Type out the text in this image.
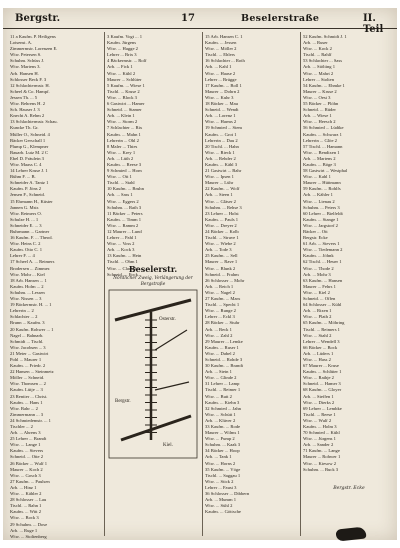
Bergstr.	17	Beselerstraße	II. Teil
11 a Kaufm. P. Heiligens
Lotsenst. A.
Zimmermstr. Lorenzen E.
Wtw. Petersen S.
Schuhm. Schüss J.
Wtw. Martens 3.
Arb. Hansen H.
Schlosser Beck F. 3
12 Schlachtermstr. H.
Scheel & Co. Hampf.
Jessen Th. ... 5
Wtw. Behrens H. 2
Sch. Hauser J. 3
Knecht A. Rehm 2
13 Schlachtermstr. Schau.
Kuncke Th. Gr.
Müller O., Schneid. 4
Bäcker Gerschall 1
Plump G., Klempner
Bauarb. Lutz M. 2 C
Ebel D. Fräulein 3
Wtw. Maass C. 4
14 Lehrer Kruse J. 1
Bühm F. ... B.
Schneider A. Tantz 1
Kaufm. P. Jöns 2
Jensen F., Schneid.
15 Ehrmann H., Küster
Jannen G. Mstr.
Wtw. Reimers O.
Schulze H. ... 1
Schneider E. ... 3
Buhrmann ... Gartner
16 Kaufm. F. ... Theod.
Wtw. Heins C. 2
Kaufm. Otto C. 1
Lehrer F. ... 4
17 Scheel A. ... Reimers
Brodersen ... Zimmer.
Wtw. Mohr ... Kiel
18 Arb. Hansen ... 1
Kaufm. Holm ... 2
Schuhm. ... Lessen
Wtw. Nissen ... 3
19 Bäckermstr. H. ... 1
Lehrerin ... 2
Schlachter ... 2
Brunn ... Kaufm. 3
20 Kaufm. Rohwer ... 1
Nagel ... Bahnarb.
Schmidt ... Tischl.
Wtw. Jacobsen ... 3
21 Meier ... Gastwirt
Pohl ... Maurer 1
Kaufm. ... Friedr. 2
22 Hansen ... Steinmetz
Möller ... Schneid.
Wtw. Thomsen ... 2
Kaufm. Lütje ... 3
23 Rentier ... Christ.
Kaufm. ... Hans 1
Wtw. Bahr ... 2
Zimmermann ... 3
24 Schmiedemstr. ... 1
Tischler ... 2
Arb. ... Ahrens 3
25 Lehrer ... Brandt
Wtw. ... Lange 1
Kaufm. ... Sievers
Schneid. ... Otte 2
26 Bäcker ... Wulf 1
Maurer ... Koch 2
Wtw. ... Gosch 3
27 Kaufm. ... Paulsen
Arb. ... Hinz 1
Wtw. ... Kähler 2
28 Schlosser ... Lau
Tischl. ... Rahn 1
Kaufm. ... Witt 2
Wtw. ... Bock 3
29 Schuhm. ... Dose
Arb. ... Ruge 1
Wtw. ... Stoltenberg
3 Kaufm. Vogt ... 1
Kaufm. Jürgens
Wtw. ... Hagge 2
Lehrer ... Brix 3
4 Bäckermstr. ... Rolf
Arb. ... Fick 1
Wtw. ... Kühl 2
Maurer ... Schlüter
5 Kaufm. ... Wiese 1
Tischl. ... Kruse 2
Wtw. ... Block 3
6 Gastwirt ... Hamer
Schneid. ... Stamer
Arb. ... Klein 1
Wtw. ... Storm 2
7 Schlachter ... Rix
Kaufm. ... Mahn 1
Lehrerin ... Ohl 2
8 Maler ... Thies
Wtw. ... Krey 1
Arb. ... Lüth 2
Kaufm. ... Reese 3
9 Schmied ... Horn
Wtw. ... Ott 1
Tischl. ... Stahl
10 Kaufm. ... Bruhn
Arb. ... Sass 1
Wtw. ... Eggers 2
Schuhm. ... Rath 3
11 Bäcker ... Peters
Kaufm. ... Timm 1
Wtw. ... Ramm 2
12 Maurer ... Lund
Lehrer ... Pahl 1
Wtw. ... Voss 2
Arb. ... Kock 3
13 Kaufm. ... Hein
Tischl. ... Ohm 1
Wtw. ... Claus 2
Schneid. ... Fock
15 Arb. Hansen C. 1
Kaufm. ... Jessen
Wtw. ... Möller 2
Tischl. ... Ehlers
16 Schlachter ... Roth
Arb. ... Kahl 1
Wtw. ... Haase 2
Lehrer ... Brügge
17 Kaufm. ... Boll 1
Maurer ... Dohrn 2
Wtw. ... Kuhr 3
18 Bäcker ... Mau
Schneid. ... Wendt
Arb. ... Lorenz 1
Wtw. ... Harms 2
19 Schmied ... Siem
Kaufm. ... Grot 1
Lehrerin ... Dau 2
20 Tischl. ... Hahn
Wtw. ... Rieck 1
Arb. ... Rehder 2
Kaufm. ... Kähl 3
21 Gastwirt ... Bahr
Wtw. ... Ipsen 1
Maurer ... Lühr
22 Kaufm. ... Wolf
Arb. ... Steen 1
Wtw. ... Gläser 2
Schuhm. ... Rehse 3
23 Lehrer ... Holst
Kaufm. ... Pauls 1
Wtw. ... Dreyer 2
24 Bäcker ... Kolb
Tischl. ... Struve 1
Wtw. ... Wiebe 2
Arb. ... Tode 3
25 Kaufm. ... Sell
Maurer ... Rave 1
Wtw. ... Blunk 2
Schneid. ... Frahm
26 Schlosser ... Mohr
Arb. ... Reich 1
Wtw. ... Nagel 2
27 Kaufm. ... Marx
Tischl. ... Specht 1
Wtw. ... Runge 2
Lehrer ... Eckl 3
28 Bäcker ... Stuhr
Arb. ... Beck 1
Wtw. ... Zahl 2
29 Maurer ... Lemke
Kaufm. ... Ruser 1
Wtw. ... Dabel 2
Schneid. ... Rohde 3
30 Kaufm. ... Brandt
Arb. ... Stein 1
Wtw. ... Glinde 2
31 Lehrer ... Lamp
Tischl. ... Reimer 1
Wtw. ... Butt 2
Kaufm. ... Kiehn 3
32 Schmied ... Jahn
Wtw. ... Schütt 1
Arb. ... Klüver 2
33 Kaufm. ... Rode
Maurer ... Wilms 1
Wtw. ... Pump 2
Schuhm. ... Kaak 3
34 Bäcker ... Hoop
Arb. ... Tank 1
Wtw. ... Horns 2
35 Kaufm. ... Vöge
Tischl. ... Saggau 1
Wtw. ... Stick 2
Lehrer ... Faust 3
36 Schlosser ... Dibbern
Arb. ... Mumm 1
Wtw. ... Sühl 2
Kaufm. ... Göttsche
52 Kaufm. Schmidt J. 1
Arb. ... Ruser
Wtw. ... Kock 2
Tischl. ... Rahlf
53 Schlachter ... Sass
Arb. ... Stölting 1
Wtw. ... Mahrt 2
Lehrer ... Stolten
54 Kaufm. ... Ehmke 1
Maurer ... Kruse 2
Wtw. ... Oest 3
55 Bäcker ... Plöhn
Schneid. ... Rüder
Arb. ... Wiese 1
Wtw. ... Heesch 2
56 Schmied ... Lüdtke
Kaufm. ... Schwarz 1
Lehrerin ... Glöe 2
57 Tischl. ... Hamann
Wtw. ... Bendixen 1
Arb. ... Martens 2
Kaufm. ... Böge 3
58 Gastwirt ... Westphal
Wtw. ... Kahl 1
Maurer ... Hüttmann
59 Kaufm. ... Rohlfs
Arb. ... Kähler 1
Wtw. ... Lienau 2
Schuhm. ... Peters 3
60 Lehrer ... Bielfeldt
Kaufm. ... Stange 1
Wtw. ... Jargstorf 2
Bäcker ... Ott
Bergstr. Ecke
61 Arb. ... Sievers 1
Wtw. ... Tiedemann 2
Kaufm. ... Jöhnk
62 Tischl. ... Heuer 1
Wtw. ... Thode 2
Arb. ... Mohr 3
63 Kaufm. ... Hansen
Maurer ... Fehrs 1
Wtw. ... Kiel 2
Schneid. ... Offen
64 Schlosser ... Kühl
Arb. ... Rixen 1
Wtw. ... Plath 2
65 Kaufm. ... Möhring
Tischl. ... Reimers 1
Wtw. ... Stahl 2
Lehrer ... Wendell 3
66 Bäcker ... Bock
Arb. ... Lüders 1
Wtw. ... Hass 2
67 Maurer ... Kruse
Kaufm. ... Schlüter 1
Wtw. ... Rathje 2
Schneid. ... Hamer 3
68 Kaufm. ... Gloyer
Arb. ... Steffen 1
Wtw. ... Dierks 2
69 Lehrer ... Lembke
Tischl. ... Reese 1
Wtw. ... Wulf 2
Kaufm. ... Holm 3
70 Schmied ... Kühl
Wtw. ... Jürgens 1
Arb. ... Sander 2
71 Kaufm. ... Lange
Maurer ... Rohwer 1
Wtw. ... Kiesow 2
Schuhm. ... Buck 3
Beselerstr.
Nördlicher Zweig, Verlängerung der Bergstraße
Bergstr.
Kiel.
Osterstr.
Bergstr. Ecke
